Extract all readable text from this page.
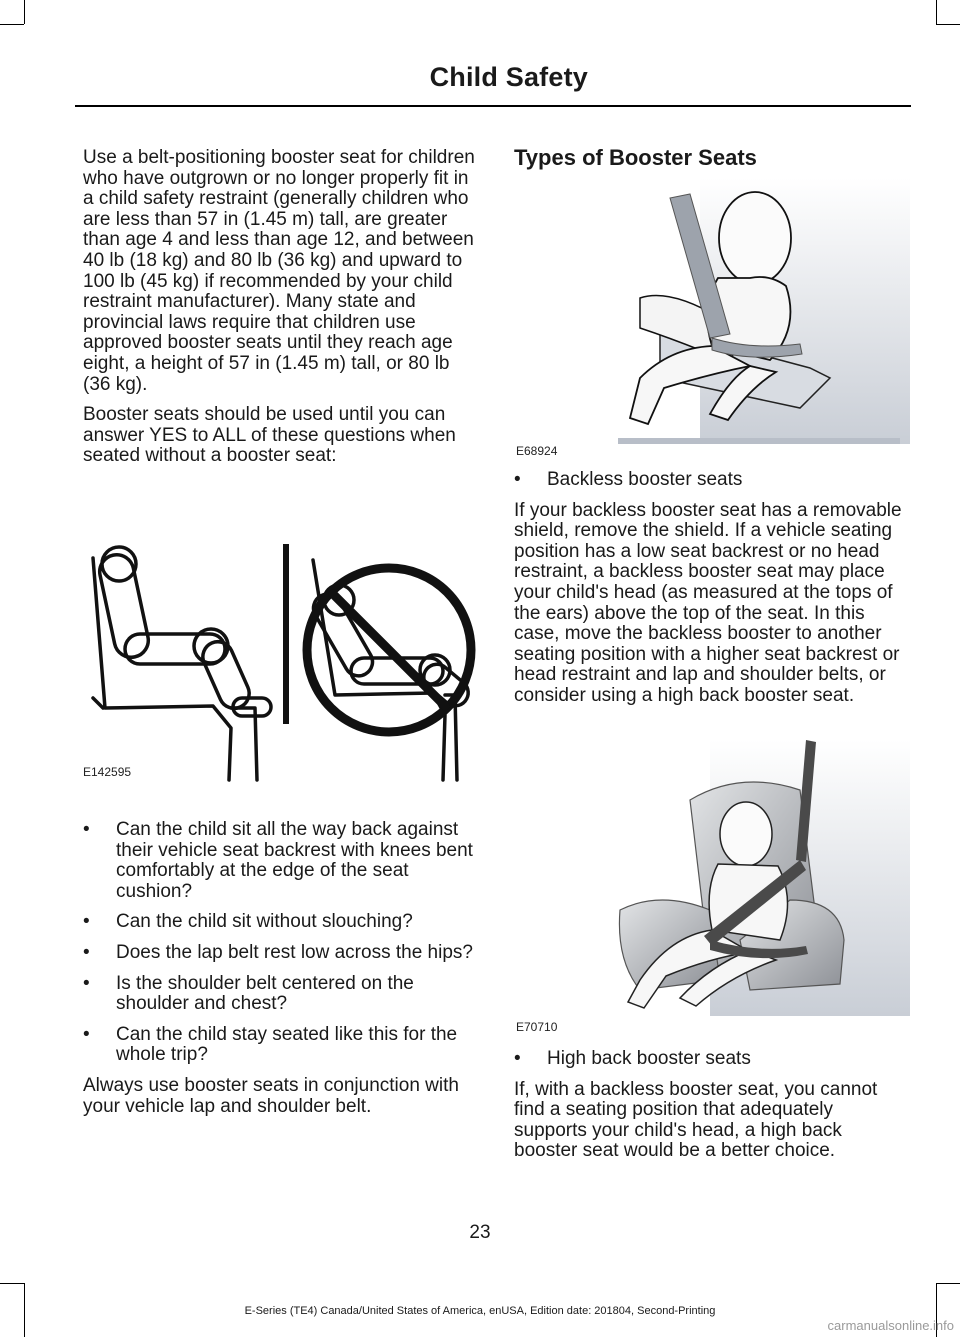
Child Safety

Use a belt-positioning booster seat for children who have outgrown or no longer properly fit in a child safety restraint (generally children who are less than 57 in (1.45 m) tall, are greater than age 4 and less than age 12, and between 40 lb (18 kg) and 80 lb (36 kg) and upward to 100 lb (45 kg) if recommended by your child restraint manufacturer). Many state and provincial laws require that children use approved booster seats until they reach age eight, a height of 57 in (1.45 m) tall, or 80 lb (36 kg).

Booster seats should be used until you can answer YES to ALL of these questions when seated without a booster seat:

E142595
• Can the child sit all the way back against their vehicle seat backrest with knees bent comfortably at the edge of the seat cushion?
• Can the child sit without slouching?
• Does the lap belt rest low across the hips?
• Is the shoulder belt centered on the shoulder and chest?
• Can the child stay seated like this for the whole trip?

Always use booster seats in conjunction with your vehicle lap and shoulder belt.

Types of Booster Seats
E68924
• Backless booster seats

If your backless booster seat has a removable shield, remove the shield. If a vehicle seating position has a low seat backrest or no head restraint, a backless booster seat may place your child's head (as measured at the tops of the ears) above the top of the seat. In this case, move the backless booster to another seating position with a higher seat backrest or head restraint and lap and shoulder belts, or consider using a high back booster seat.

E70710
• High back booster seats

If, with a backless booster seat, you cannot find a seating position that adequately supports your child's head, a high back booster seat would be a better choice.

23
E-Series (TE4) Canada/United States of America, enUSA, Edition date: 201804, Second-Printing
carmanualsonline.info
